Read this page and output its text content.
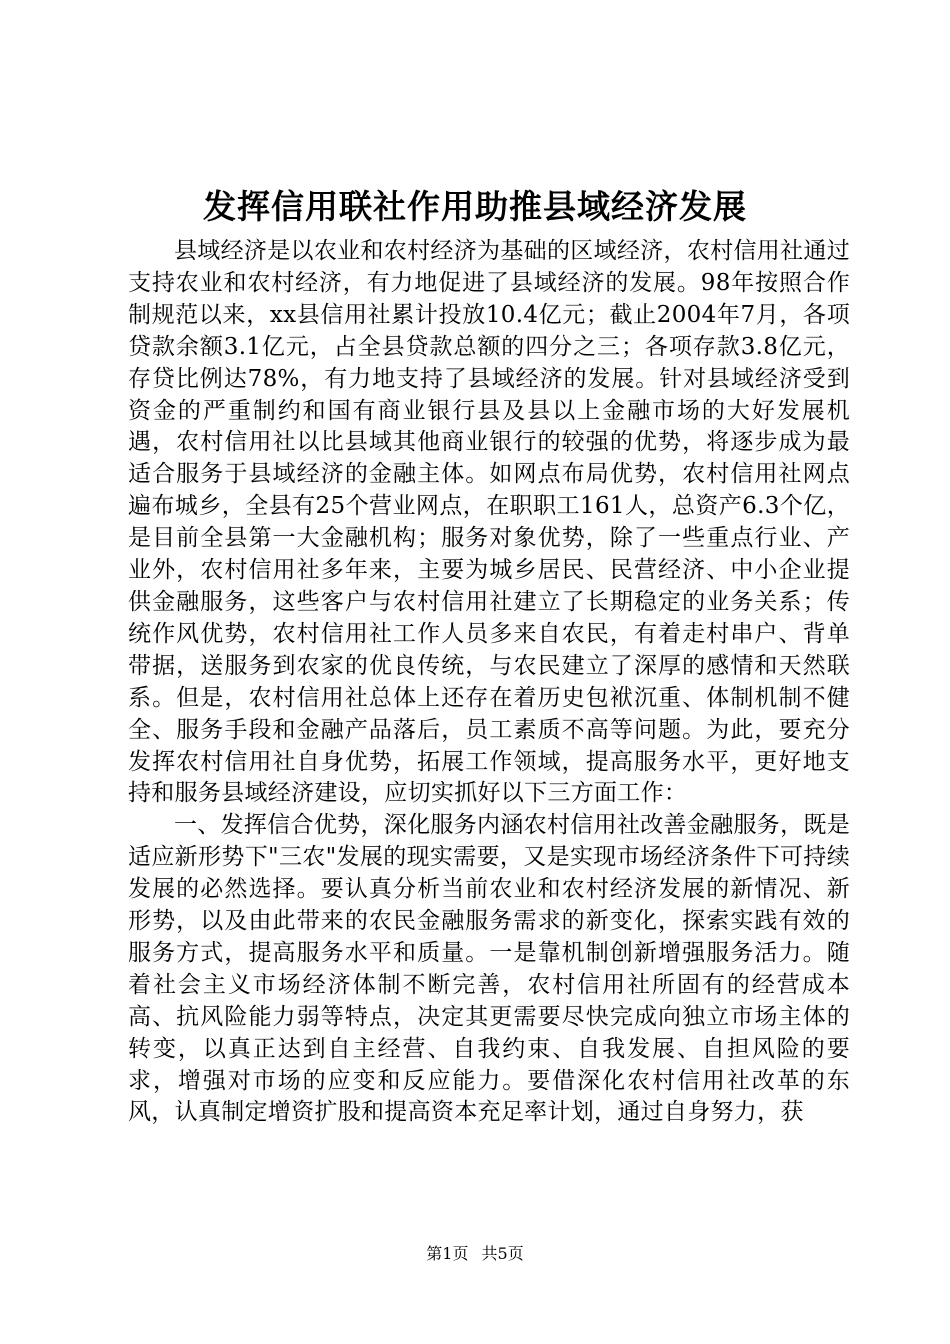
发挥信用联社作用助推县域经济发展

县域经济是以农业和农村经济为基础的区域经济，农村信用社通过支持农业和农村经济，有力地促进了县域经济的发展。98年按照合作制规范以来，xx县信用社累计投放10.4亿元；截止2004年7月，各项贷款余额3.1亿元，占全县贷款总额的四分之三；各项存款3.8亿元，存贷比例达78%，有力地支持了县域经济的发展。针对县域经济受到资金的严重制约和国有商业银行县及县以上金融市场的大好发展机遇，农村信用社以比县域其他商业银行的较强的优势，将逐步成为最适合服务于县域经济的金融主体。如网点布局优势，农村信用社网点遍布城乡，全县有25个营业网点，在职职工161人，总资产6.3个亿，是目前全县第一大金融机构；服务对象优势，除了一些重点行业、产业外，农村信用社多年来，主要为城乡居民、民营经济、中小企业提供金融服务，这些客户与农村信用社建立了长期稳定的业务关系；传统作风优势，农村信用社工作人员多来自农民，有着走村串户、背单带据，送服务到农家的优良传统，与农民建立了深厚的感情和天然联系。但是，农村信用社总体上还存在着历史包袱沉重、体制机制不健全、服务手段和金融产品落后，员工素质不高等问题。为此，要充分发挥农村信用社自身优势，拓展工作领域，提高服务水平，更好地支持和服务县域经济建设，应切实抓好以下三方面工作：

一、发挥信合优势，深化服务内涵农村信用社改善金融服务，既是适应新形势下"三农"发展的现实需要，又是实现市场经济条件下可持续发展的必然选择。要认真分析当前农业和农村经济发展的新情况、新形势，以及由此带来的农民金融服务需求的新变化，探索实践有效的服务方式，提高服务水平和质量。一是靠机制创新增强服务活力。随着社会主义市场经济体制不断完善，农村信用社所固有的经营成本高、抗风险能力弱等特点，决定其更需要尽快完成向独立市场主体的转变，以真正达到自主经营、自我约束、自我发展、自担风险的要求，增强对市场的应变和反应能力。要借深化农村信用社改革的东风，认真制定增资扩股和提高资本充足率计划，通过自身努力，获

第1页 共5页
